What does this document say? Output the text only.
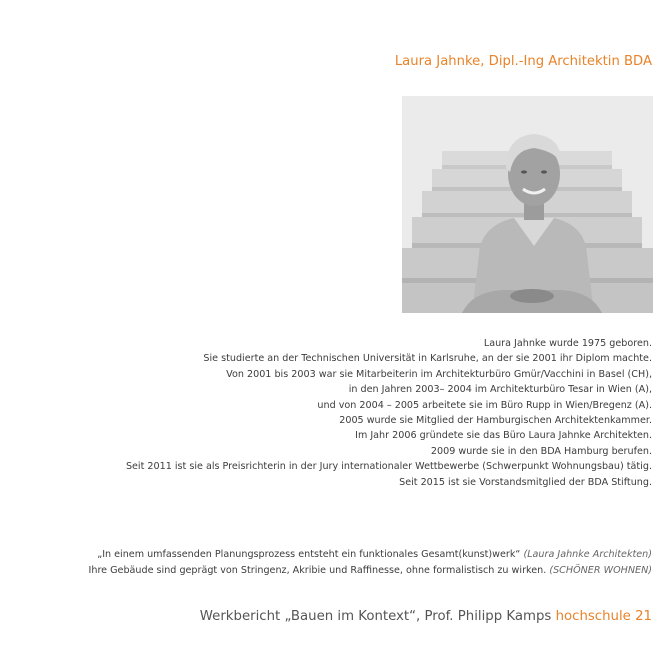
Laura Jahnke, Dipl.-Ing Architektin BDA
Laura Jahnke wurde 1975 geboren.
Sie studierte an der Technischen Universität in Karlsruhe, an der sie 2001 ihr Diplom machte.
Von 2001 bis 2003 war sie Mitarbeiterin im Architekturbüro Gmür/Vacchini in Basel (CH),
in den Jahren 2003– 2004 im Architekturbüro Tesar in Wien (A),
und von 2004 – 2005 arbeitete sie im Büro Rupp in Wien/Bregenz (A).
2005 wurde sie Mitglied der Hamburgischen Architektenkammer.
Im Jahr 2006 gründete sie das Büro Laura Jahnke Architekten.
2009 wurde sie in den BDA Hamburg berufen.
Seit 2011 ist sie als Preisrichterin in der Jury internationaler Wettbewerbe (Schwerpunkt Wohnungsbau) tätig.
Seit 2015 ist sie Vorstandsmitglied der BDA Stiftung.
„In einem umfassenden Planungsprozess entsteht ein funktionales Gesamt(kunst)werk“ (Laura Jahnke Architekten)
Ihre Gebäude sind geprägt von Stringenz, Akribie und Raffinesse, ohne formalistisch zu wirken. (SCHÖNER WOHNEN)
Werkbericht „Bauen im Kontext“, Prof. Philipp Kamps hochschule 21
